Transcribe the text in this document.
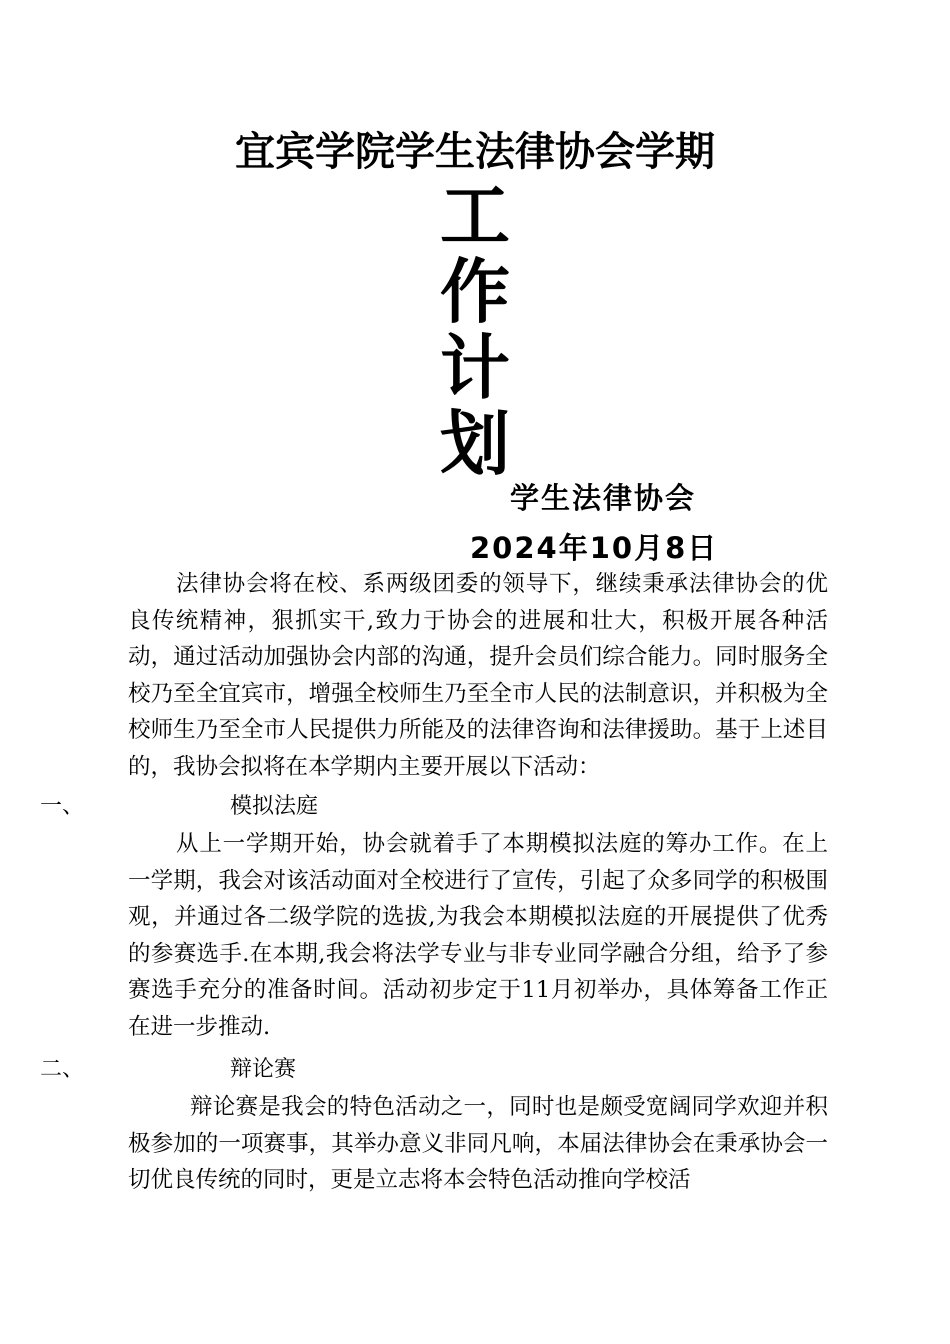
宜宾学院学生法律协会学期
工
作
计
划
学生法律协会
2024年10月8日
法律协会将在校、系两级团委的领导下，继续秉承法律协会的优良传统精神，狠抓实干,致力于协会的进展和壮大，积极开展各种活动，通过活动加强协会内部的沟通，提升会员们综合能力。同时服务全校乃至全宜宾市，增强全校师生乃至全市人民的法制意识，并积极为全校师生乃至全市人民提供力所能及的法律咨询和法律援助。基于上述目的，我协会拟将在本学期内主要开展以下活动：
一、	模拟法庭
从上一学期开始，协会就着手了本期模拟法庭的筹办工作。在上一学期，我会对该活动面对全校进行了宣传，引起了众多同学的积极围观，并通过各二级学院的选拔,为我会本期模拟法庭的开展提供了优秀的参赛选手.在本期,我会将法学专业与非专业同学融合分组，给予了参赛选手充分的准备时间。活动初步定于11月初举办，具体筹备工作正在进一步推动.
二、	辩论赛
辩论赛是我会的特色活动之一，同时也是颇受宽阔同学欢迎并积极参加的一项赛事，其举办意义非同凡响，本届法律协会在秉承协会一切优良传统的同时，更是立志将本会特色活动推向学校活
